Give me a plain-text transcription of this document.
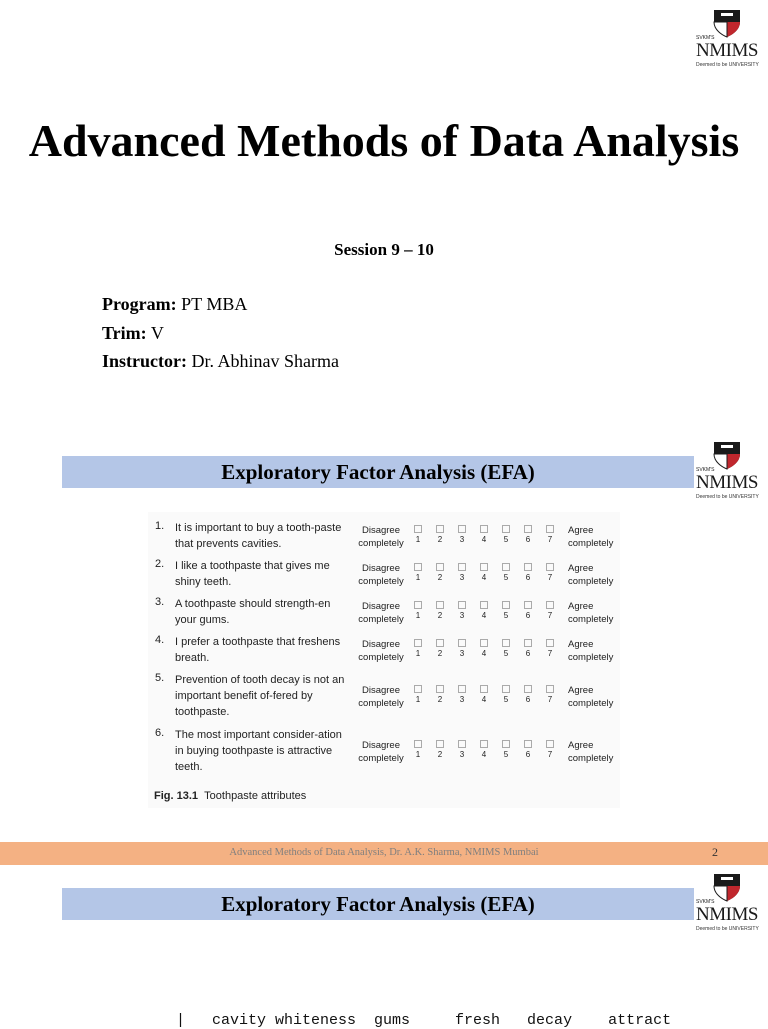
SVKM'S
NMIMS
Deemed to be UNIVERSITY
Advanced Methods of Data Analysis
Session 9 – 10
Program: PT MBA
Trim: V
Instructor: Dr. Abhinav Sharma
Exploratory Factor Analysis (EFA)	SVKM'S
NMIMS
Deemed to be UNIVERSITY
Fig. 13.1 Toothpaste attributes
1. It is important to buy a tooth-paste that prevents cavities.
Disagree
completely	1 2 3 4 5 6 7
Agree
completely
2. I like a toothpaste that gives me shiny teeth.
Disagree
completely	1 2 3 4 5 6 7
Agree
completely
3. A toothpaste should strength-en your gums.
Disagree
completely	1 2 3 4 5 6 7
Agree
completely
4. I prefer a toothpaste that freshens breath.
Disagree
completely	1 2 3 4 5 6 7
Agree
completely
5. Prevention of tooth decay is not an important benefit of-fered by toothpaste.
Disagree
completely	1 2 3 4 5 6 7
Agree
completely
6. The most important consider-ation in buying toothpaste is attractive teeth.
Disagree
completely	1 2 3 4 5 6 7
Agree
completely
Advanced Methods of Data Analysis, Dr. A.K. Sharma, NMIMS Mumbai	2
Exploratory Factor Analysis (EFA)	SVKM'S
NMIMS
Deemed to be UNIVERSITY
|   cavity whiteness  gums     fresh   decay    attract
